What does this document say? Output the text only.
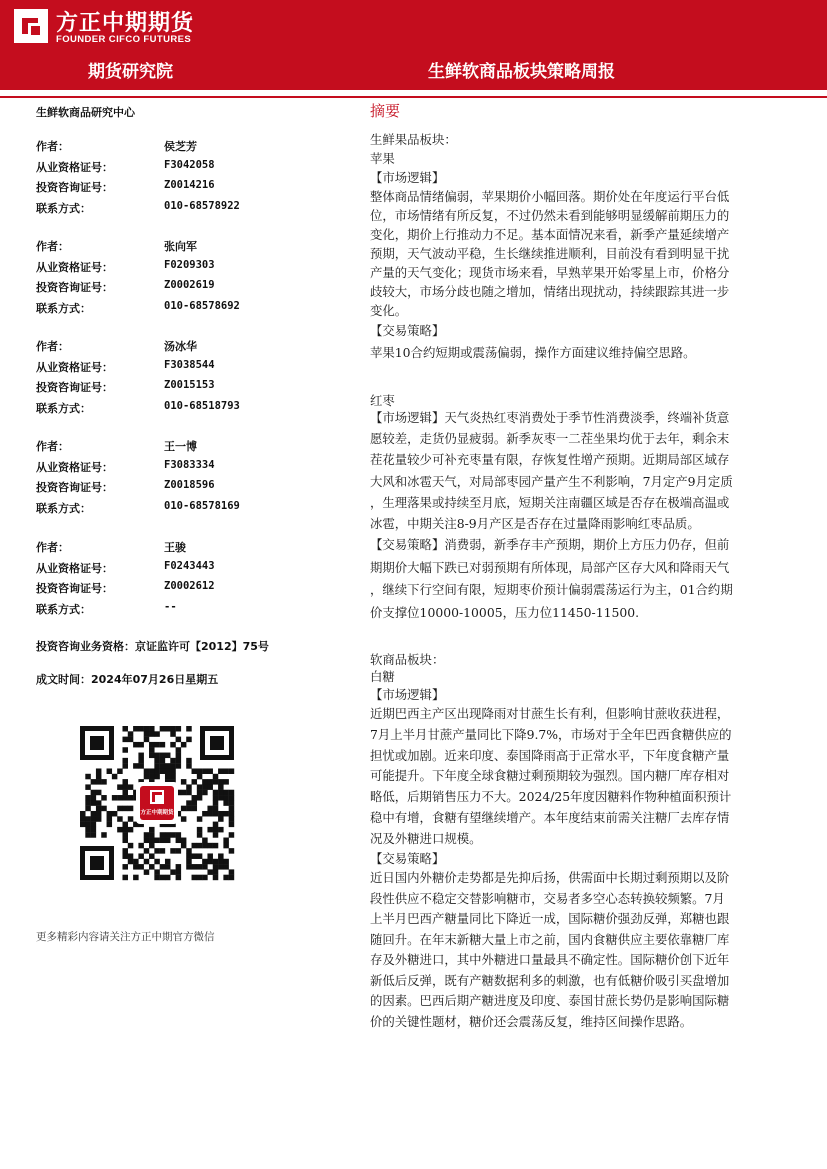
方正中期期货
FOUNDER CIFCO FUTURES
期货研究院	生鲜软商品板块策略周报
生鲜软商品研究中心
作者：	侯芝芳
从业资格证号：	F3042058
投资咨询证号：	Z0014216
联系方式：	010-68578922
作者：	张向军
从业资格证号：	F0209303
投资咨询证号：	Z0002619
联系方式：	010-68578692
作者：	汤冰华
从业资格证号：	F3038544
投资咨询证号：	Z0015153
联系方式：	010-68518793
作者：	王一博
从业资格证号：	F3083334
投资咨询证号：	Z0018596
联系方式：	010-68578169
作者：	王骏
从业资格证号：	F0243443
投资咨询证号：	Z0002612
联系方式：	--
投资咨询业务资格：京证监许可【2012】75号
成文时间：2024年07月26日星期五
方正中期期货
更多精彩内容请关注方正中期官方微信
摘要
生鲜果品板块：
苹果
【市场逻辑】
整体商品情绪偏弱，苹果期价小幅回落。期价处在年度运行平台低
位，市场情绪有所反复，不过仍然未看到能够明显缓解前期压力的
变化，期价上行推动力不足。基本面情况来看，新季产量延续增产
预期，天气波动平稳，生长继续推进顺利，目前没有看到明显干扰
产量的天气变化；现货市场来看，早熟苹果开始零星上市，价格分
歧较大，市场分歧也随之增加，情绪出现扰动，持续跟踪其进一步
变化。
【交易策略】
苹果10合约短期或震荡偏弱，操作方面建议维持偏空思路。
红枣
【市场逻辑】天气炎热红枣消费处于季节性消费淡季，终端补货意
愿较差，走货仍显疲弱。新季灰枣一二茬坐果均优于去年，剩余末
茬花量较少可补充枣量有限，存恢复性增产预期。近期局部区域存
大风和冰雹天气，对局部枣园产量产生不利影响，7月定产9月定质
，生理落果或持续至月底，短期关注南疆区域是否存在极端高温或
冰雹，中期关注8-9月产区是否存在过量降雨影响红枣品质。
【交易策略】消费弱，新季存丰产预期，期价上方压力仍存，但前
期期价大幅下跌已对弱预期有所体现，局部产区存大风和降雨天气
，继续下行空间有限，短期枣价预计偏弱震荡运行为主，01合约期
价支撑位10000-10005，压力位11450-11500.
软商品板块：
白糖
【市场逻辑】
近期巴西主产区出现降雨对甘蔗生长有利，但影响甘蔗收获进程，
7月上半月甘蔗产量同比下降9.7%，市场对于全年巴西食糖供应的
担忧或加剧。近来印度、泰国降雨高于正常水平，下年度食糖产量
可能提升。下年度全球食糖过剩预期较为强烈。国内糖厂库存相对
略低，后期销售压力不大。2024/25年度因糖料作物种植面积预计
稳中有增，食糖有望继续增产。本年度结束前需关注糖厂去库存情
况及外糖进口规模。
【交易策略】
近日国内外糖价走势都是先抑后扬，供需面中长期过剩预期以及阶
段性供应不稳定交替影响糖市，交易者多空心态转换较频繁。7月
上半月巴西产糖量同比下降近一成，国际糖价强劲反弹，郑糖也跟
随回升。在年末新糖大量上市之前，国内食糖供应主要依靠糖厂库
存及外糖进口，其中外糖进口量最具不确定性。国际糖价创下近年
新低后反弹，既有产糖数据利多的刺激，也有低糖价吸引买盘增加
的因素。巴西后期产糖进度及印度、泰国甘蔗长势仍是影响国际糖
价的关键性题材，糖价还会震荡反复，维持区间操作思路。
